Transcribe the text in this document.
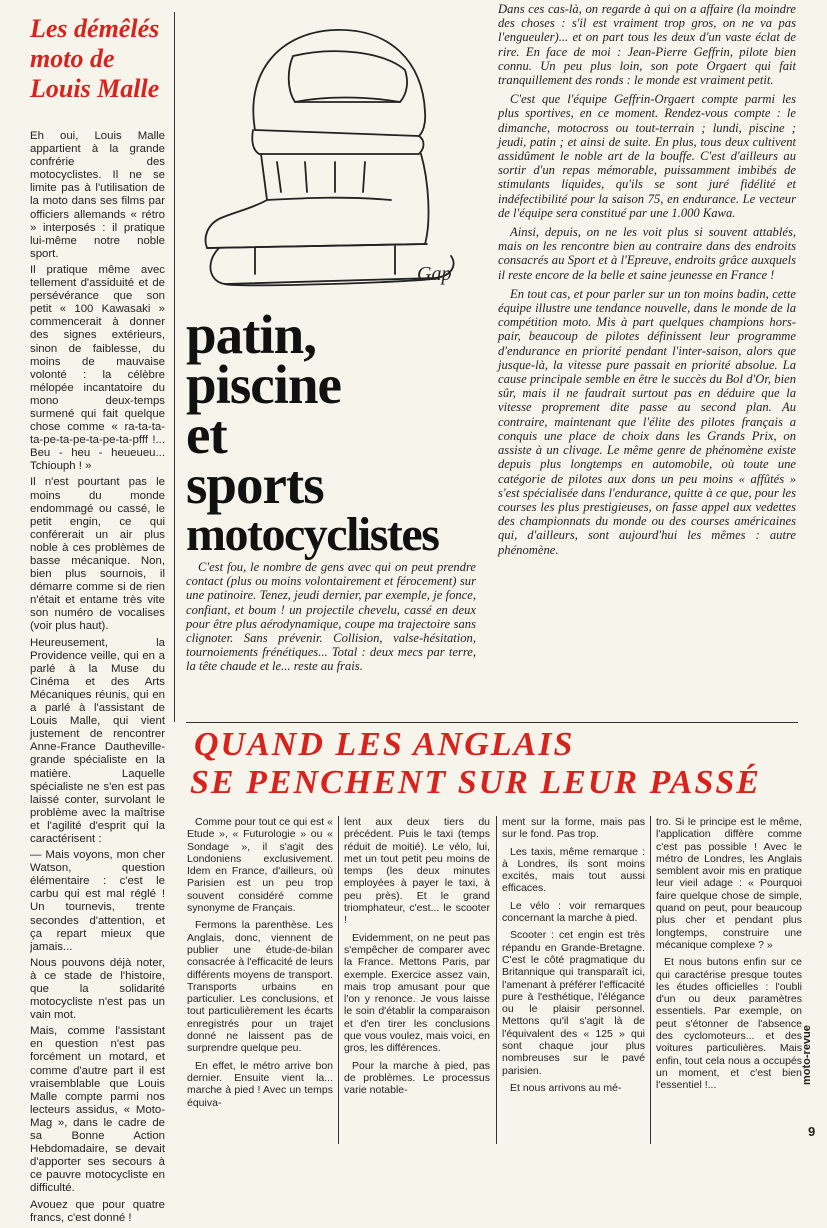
Les démêlés moto de Louis Malle

Eh oui, Louis Malle appartient à la grande confrérie des motocyclistes. Il ne se limite pas à l'utilisation de la moto dans ses films par officiers allemands « rétro » interposés : il pratique lui-même notre noble sport.

Il pratique même avec tellement d'assiduité et de persévérance que son petit « 100 Kawasaki » commencerait à donner des signes extérieurs, sinon de faiblesse, du moins de mauvaise volonté : la célèbre mélopée incantatoire du mono deux-temps surmené qui fait quelque chose comme « ra-ta-ta-ta-pe-ta-pe-ta-pe-ta-pfff !... Beu - heu - heueueu... Tchiouph ! »

Il n'est pourtant pas le moins du monde endommagé ou cassé, le petit engin, ce qui conférerait un air plus noble à ces problèmes de basse mécanique. Non, bien plus sournois, il démarre comme si de rien n'était et entame très vite son numéro de vocalises (voir plus haut).

Heureusement, la Providence veille, qui en a parlé à la Muse du Cinéma et des Arts Mécaniques réunis, qui en a parlé à l'assistant de Louis Malle, qui vient justement de rencontrer Anne-France Dautheville-grande spécialiste en la matière. Laquelle spécialiste ne s'en est pas laissé conter, survolant le problème avec la maîtrise et l'agilité d'esprit qui la caractérisent :

— Mais voyons, mon cher Watson, question élémentaire : c'est le carbu qui est mal réglé ! Un tournevis, trente secondes d'attention, et ça repart mieux que jamais...

Nous pouvons déjà noter, à ce stade de l'histoire, que la solidarité motocycliste n'est pas un vain mot.

Mais, comme l'assistant en question n'est pas forcément un motard, et comme d'autre part il est vraisemblable que Louis Malle compte parmi nos lecteurs assidus, « Moto-Mag », dans le cadre de sa Bonne Action Hebdomadaire, se devait d'apporter ses secours à ce pauvre motocycliste en difficulté.

Avouez que pour quatre francs, c'est donné !

Gap
patin,
piscine
et
sports
motocyclistes

C'est fou, le nombre de gens avec qui on peut prendre contact (plus ou moins volontairement et férocement) sur une patinoire. Tenez, jeudi dernier, par exemple, je fonce, confiant, et boum ! un projectile chevelu, cassé en deux pour être plus aérodynamique, coupe ma trajectoire sans clignoter. Sans prévenir. Collision, valse-hésitation, tournoiements frénétiques... Total : deux mecs par terre, la tête chaude et le... reste au frais.

Dans ces cas-là, on regarde à qui on a affaire (la moindre des choses : s'il est vraiment trop gros, on ne va pas l'engueuler)... et on part tous les deux d'un vaste éclat de rire. En face de moi : Jean-Pierre Geffrin, pilote bien connu. Un peu plus loin, son pote Orgaert qui fait tranquillement des ronds : le monde est vraiment petit.

C'est que l'équipe Geffrin-Orgaert compte parmi les plus sportives, en ce moment. Rendez-vous compte : le dimanche, motocross ou tout-terrain ; lundi, piscine ; jeudi, patin ; et ainsi de suite. En plus, tous deux cultivent assidûment le noble art de la bouffe. C'est d'ailleurs au sortir d'un repas mémorable, puissamment imbibés de stimulants liquides, qu'ils se sont juré fidélité et indéfectibilité pour la saison 75, en endurance. Le vecteur de l'équipe sera constitué par une 1.000 Kawa.

Ainsi, depuis, on ne les voit plus si souvent attablés, mais on les rencontre bien au contraire dans des endroits consacrés au Sport et à l'Epreuve, endroits grâce auxquels il reste encore de la belle et saine jeunesse en France !

En tout cas, et pour parler sur un ton moins badin, cette équipe illustre une tendance nouvelle, dans le monde de la compétition moto. Mis à part quelques champions hors-pair, beaucoup de pilotes définissent leur programme d'endurance en priorité pendant l'inter-saison, alors que jusque-là, la vitesse pure passait en priorité absolue. La cause principale semble en être le succès du Bol d'Or, bien sûr, mais il ne faudrait surtout pas en déduire que la vitesse proprement dite passe au second plan. Au contraire, maintenant que l'élite des pilotes français a conquis une place de choix dans les Grands Prix, on assiste à un clivage. Le même genre de phénomène existe depuis plus longtemps en automobile, où toute une catégorie de pilotes aux dons un peu moins « affûtés » s'est spécialisée dans l'endurance, quitte à ce que, pour les courses les plus prestigieuses, on fasse appel aux vedettes des championnats du monde ou des courses américaines qui, d'ailleurs, sont aujourd'hui les mêmes : autre phénomène.

QUAND LES ANGLAIS
SE PENCHENT SUR LEUR PASSÉ

Comme pour tout ce qui est « Etude », « Futurologie » ou « Sondage », il s'agit des Londoniens exclusivement. Idem en France, d'ailleurs, où Parisien est un peu trop souvent considéré comme synonyme de Français.

Fermons la parenthèse. Les Anglais, donc, viennent de publier une étude-de-bilan consacrée à l'efficacité de leurs différents moyens de transport. Transports urbains en particulier. Les conclusions, et tout particulièrement les écarts enregistrés pour un trajet donné ne laissent pas de surprendre quelque peu.

En effet, le métro arrive bon dernier. Ensuite vient la... marche à pied ! Avec un temps équiva-

lent aux deux tiers du précédent. Puis le taxi (temps réduit de moitié). Le vélo, lui, met un tout petit peu moins de temps (les deux minutes employées à payer le taxi, à peu près). Et le grand triomphateur, c'est... le scooter !

Evidemment, on ne peut pas s'empêcher de comparer avec la France. Mettons Paris, par exemple. Exercice assez vain, mais trop amusant pour que l'on y renonce. Je vous laisse le soin d'établir la comparaison et d'en tirer les conclusions que vous voulez, mais voici, en gros, les différences.

Pour la marche à pied, pas de problèmes. Le processus varie notable-

ment sur la forme, mais pas sur le fond. Pas trop.

Les taxis, même remarque : à Londres, ils sont moins excités, mais tout aussi efficaces.

Le vélo : voir remarques concernant la marche à pied.

Scooter : cet engin est très répandu en Grande-Bretagne. C'est le côté pragmatique du Britannique qui transparaît ici, l'amenant à préférer l'efficacité pure à l'esthétique, l'élégance ou le plaisir personnel. Mettons qu'il s'agit là de l'équivalent des « 125 » qui sont chaque jour plus nombreuses sur le pavé parisien.

Et nous arrivons au mé-

tro. Si le principe est le même, l'application diffère comme c'est pas possible ! Avec le métro de Londres, les Anglais semblent avoir mis en pratique leur vieil adage : « Pourquoi faire quelque chose de simple, quand on peut, pour beaucoup plus cher et pendant plus longtemps, construire une mécanique complexe ? »

Et nous butons enfin sur ce qui caractérise presque toutes les études officielles : l'oubli d'un ou deux paramètres essentiels. Par exemple, on peut s'étonner de l'absence des cyclomoteurs... et des voitures particulières. Mais enfin, tout cela nous a occupés un moment, et c'est bien l'essentiel !...

moto-revue
9
